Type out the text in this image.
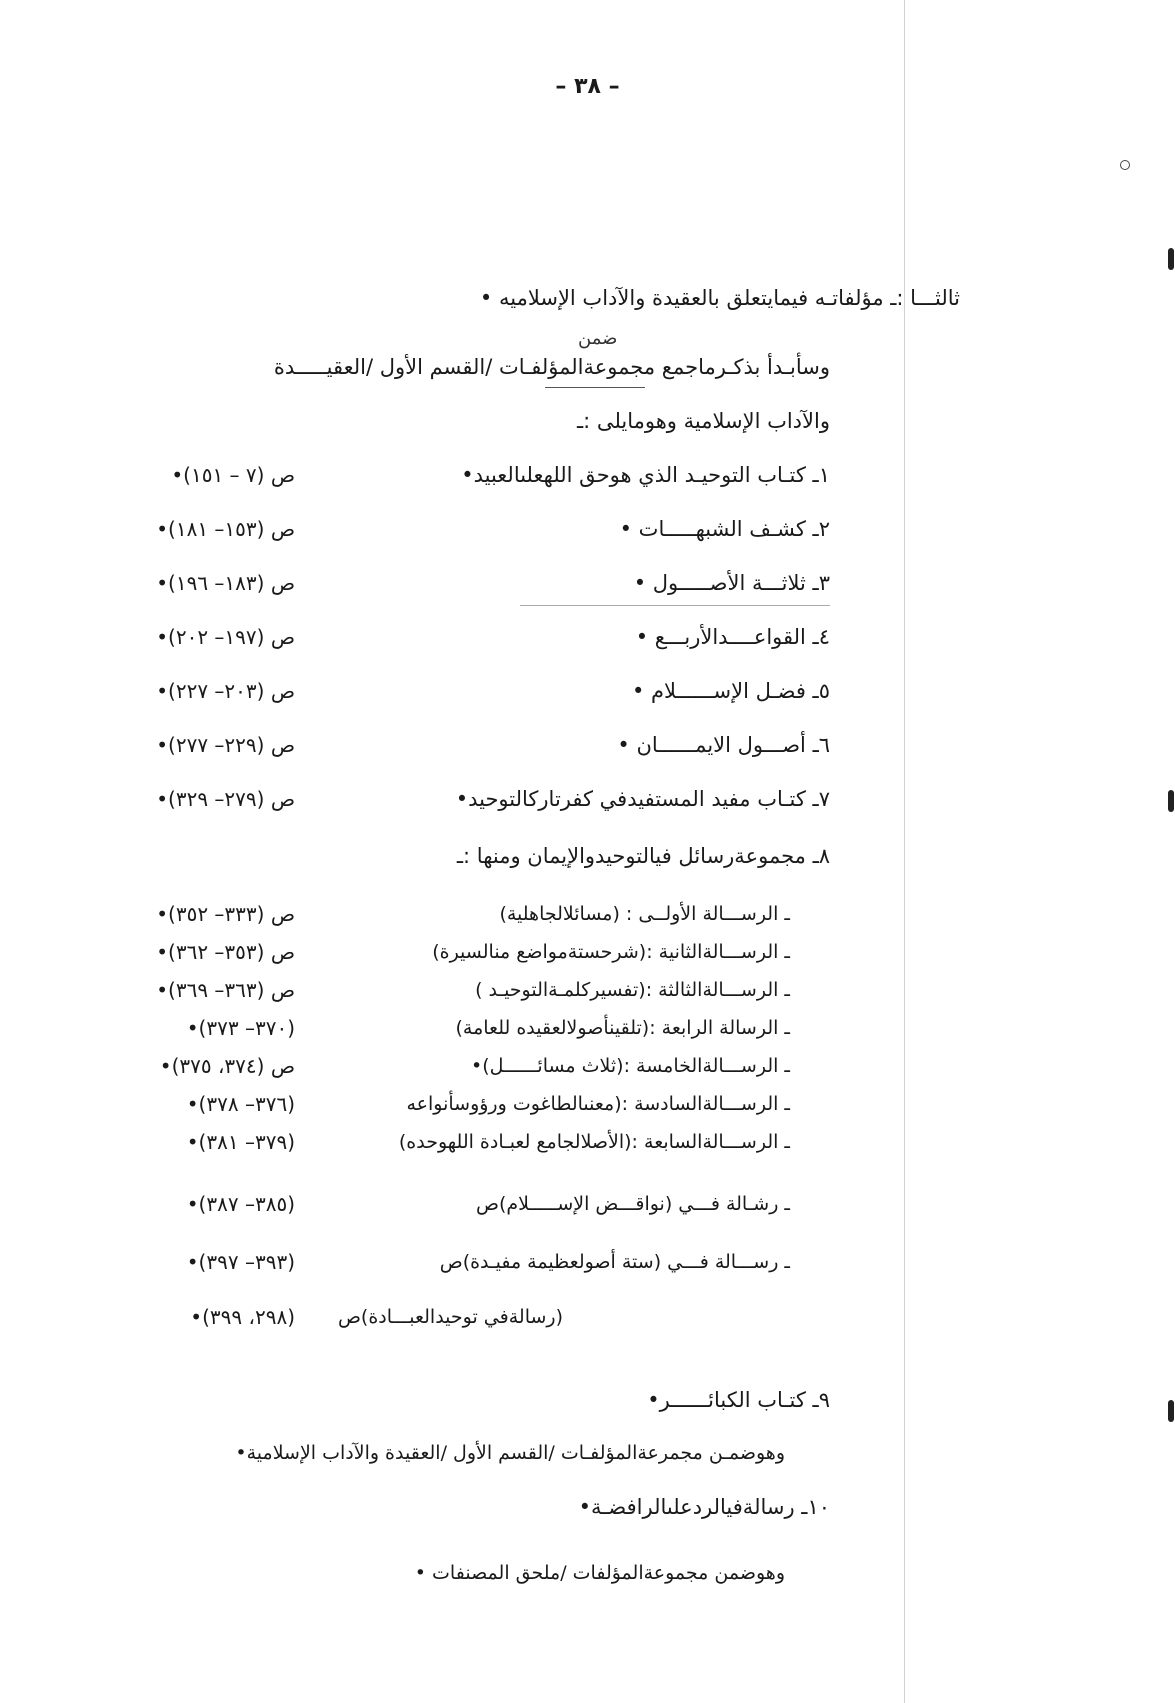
– ٣٨ –
ثالثـــا :ـ مؤلفاتـه فيمايتعلق بالعقيدة والآداب الإسلاميه •
ضمن
وسأبـدأ بذكـرماجمع مجموعةالمؤلفـات /القسم الأول /العقيـــــدة
والآداب الإسلامية وهومايلى :ـ
١ـ كتـاب التوحيـد الذي هوحق اللهعلىالعبيد•
ص (٧ – ١٥١)•
٢ـ كشـف الشبهـــــات •
ص (١٥٣– ١٨١)•
٣ـ ثلاثـــة الأصـــــول •
ص (١٨٣– ١٩٦)•
٤ـ القواعــــدالأربـــع •
ص (١٩٧– ٢٠٢)•
٥ـ فضـل الإســــــلام •
ص (٢٠٣– ٢٢٧)•
٦ـ أصـــول الايمــــــان •
ص (٢٢٩– ٢٧٧)•
٧ـ كتـاب مفيد المستفيدفي كفرتاركالتوحيد•
ص (٢٧٩– ٣٢٩)•
٨ـ مجموعةرسائل فيالتوحيدوالإيمان ومنها :ـ
ـ الرســـالة الأولــى : (مسائلالجاهلية)
ص (٣٣٣– ٣٥٢)•
ـ الرســـالةالثانية :(شرحستةمواضع منالسيرة)
ص (٣٥٣– ٣٦٢)•
ـ الرســـالةالثالثة :(تفسيركلمـةالتوحيـد )
ص (٣٦٣– ٣٦٩)•
ـ الرسالة الرابعة :(تلقينأصولالعقيده للعامة)
(٣٧٠– ٣٧٣)•
ـ الرســـالةالخامسة :(ثلاث مسائــــــل)•
ص (٣٧٤، ٣٧٥)•
ـ الرســـالةالسادسة :(معنىالطاغوت ورؤوسأنواعه
(٣٧٦– ٣٧٨)•
ـ الرســـالةالسابعة :(الأصلالجامع لعبـادة اللهوحده)
(٣٧٩– ٣٨١)•
ـ رشـالة فـــي (نواقـــض الإســـــلام)ص
(٣٨٥– ٣٨٧)•
ـ رســـالة فـــي (ستة أصولعظيمة مفيـدة)ص
(٣٩٣– ٣٩٧)•
(رسالةفي توحيدالعبـــادة)ص
(٢٩٨، ٣٩٩)•
٩ـ كتـاب الكبائــــــر•
وهوضمـن مجمرعةالمؤلفـات /القسم الأول /العقيدة والآداب الإسلامية•
١٠ـ رسالةفيالردعلىالرافضـة•
وهوضمن مجموعةالمؤلفات /ملحق المصنفات •
